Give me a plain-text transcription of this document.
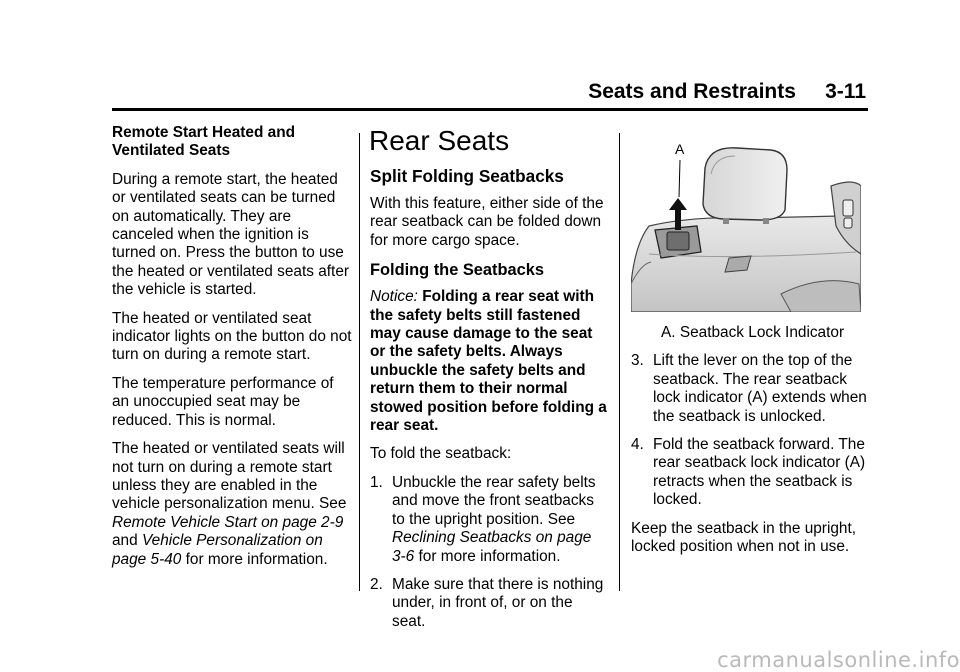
Seats and Restraints 3-11

Remote Start Heated and Ventilated Seats

During a remote start, the heated or ventilated seats can be turned on automatically. They are canceled when the ignition is turned on. Press the button to use the heated or ventilated seats after the vehicle is started.

The heated or ventilated seat indicator lights on the button do not turn on during a remote start.

The temperature performance of an unoccupied seat may be reduced. This is normal.

The heated or ventilated seats will not turn on during a remote start unless they are enabled in the vehicle personalization menu. See Remote Vehicle Start on page 2-9 and Vehicle Personalization on page 5-40 for more information.

Rear Seats
Split Folding Seatbacks

With this feature, either side of the rear seatback can be folded down for more cargo space.

Folding the Seatbacks

Notice: Folding a rear seat with the safety belts still fastened may cause damage to the seat or the safety belts. Always unbuckle the safety belts and return them to their normal stowed position before folding a rear seat.

To fold the seatback:

1. Unbuckle the rear safety belts and move the front seatbacks to the upright position. See Reclining Seatbacks on page 3-6 for more information.
2. Make sure that there is nothing under, in front of, or on the seat.
A

A. Seatback Lock Indicator

3. Lift the lever on the top of the seatback. The rear seatback lock indicator (A) extends when the seatback is unlocked.
4. Fold the seatback forward. The rear seatback lock indicator (A) retracts when the seatback is locked.

Keep the seatback in the upright, locked position when not in use.

carmanualsonline.info
